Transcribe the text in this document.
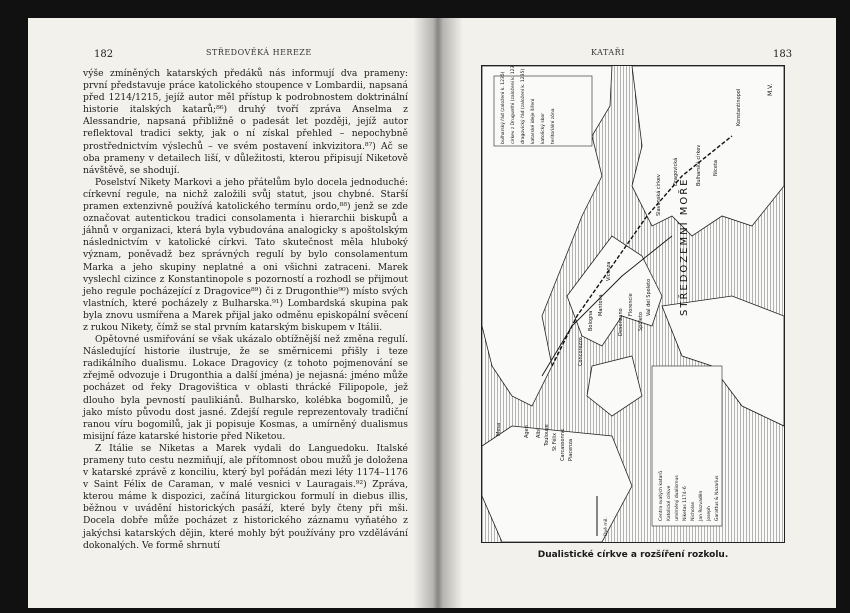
182	STŘEDOVĚKÁ HEREZE

výše zmíněných katarských předáků nás informují dva prameny: první představuje práce katolického stoupence v Lombardii, napsaná před 1214/1215, jejíž autor měl přístup k podrobnostem doktrinální historie italských katarů;⁸⁶) druhý tvoří zpráva Anselma z Alessandrie, napsaná přibližně o padesát let později, jejíž autor reflektoval tradici sekty, jak o ní získal přehled – nepochybně prostřednictvím výslechů – ve svém postavení inkvizitora.⁸⁷) Ač se oba prameny v detailech liší, v důležitosti, kterou připisují Niketově návštěvě, se shodují.

Poselství Nikety Markovi a jeho přátelům bylo docela jednoduché: církevní regule, na nichž založili svůj statut, jsou chybné. Starší pramen extenzivně používá katolického termínu ordo,⁸⁸) jenž se zde označovat autentickou tradici consolamenta i hierarchii biskupů a jáhnů v organizaci, která byla vybudována analogicky s apoštolským následnictvím v katolické církvi. Tato skutečnost měla hluboký význam, poněvadž bez správných regulí by bylo consolamentum Marka a jeho skupiny neplatné a oni všichni zatraceni. Marek vyslechl cizince z Konstantinopole s pozorností a rozhodl se přijmout jeho regule pocházející z Dragovice⁸⁹) či z Drugonthie⁹⁰) místo svých vlastních, které pocházely z Bulharska.⁹¹) Lombardská skupina pak byla znovu usmířena a Marek přijal jako odměnu episkopální svěcení z rukou Nikety, čímž se stal prvním katarským biskupem v Itálii.

Opětovné usmiřování se však ukázalo obtížnější než změna regulí. Následující historie ilustruje, že se směrnicemi přišly i teze radikálního dualismu. Lokace Dragovicy (z tohoto pojmenování se zřejmě odvozuje i Drugonthia a další jména) je nejasná: jméno může pocházet od řeky Dragovištica v oblasti thrácké Filipopole, jež dlouho byla pevností paulikiánů. Bulharsko, kolébka bogomilů, je jako místo původu dost jasné. Zdejší regule reprezentovaly tradiční ranou víru bogomilů, jak ji popisuje Kosmas, a umírněný dualismus misijní fáze katarské historie před Niketou.

Z Itálie se Niketas a Marek vydali do Languedoku. Italské prameny tuto cestu nezmiňují, ale přítomnost obou mužů je doložena v katarské zprávě z konciliu, který byl pořádán mezi léty 1174–1176 v Saint Félix de Caraman, v malé vesnici v Lauragais.⁹²) Zpráva, kterou máme k dispozici, začíná liturgickou formulí in diebus illis, běžnou v uvádění historických pasáží, které byly čteny při mši. Docela dobře může pocházet z historického záznamu vyňatého z jakýchsi katarských dějin, které mohly být používány pro vzdělávání dokonalých. Ve formě shrnutí

KATAŘI	183
STŘEDOZEMNÍ MOŘE
M.V.
Konstantinopol
Niceta
Bulharská církev
Slavonská církev
Dragovická
Albi
Agen	Toulouse St Félix Carcassonne
Mantova
Vicenza
Concorezzo
Desenzano
Florencie
Spoleto
Val del Spoleto
Bologna
Piacenza
Mesa
bulharský řád (založení k. 1235)	církev z Drugunthi (založení k. 1235)	dragovický řád (založení k. 1235)	katarské ideje šíření	katolický sbor	teritoriální zóna
Centra svatých katarů Katolické církve umírněný dualismus Niketas 1174–6 Nicholas Jan Rozvaděn Joseph Garattus & Nazarius
Dvě mil.
Dualistické církve a rozšíření rozkolu.
